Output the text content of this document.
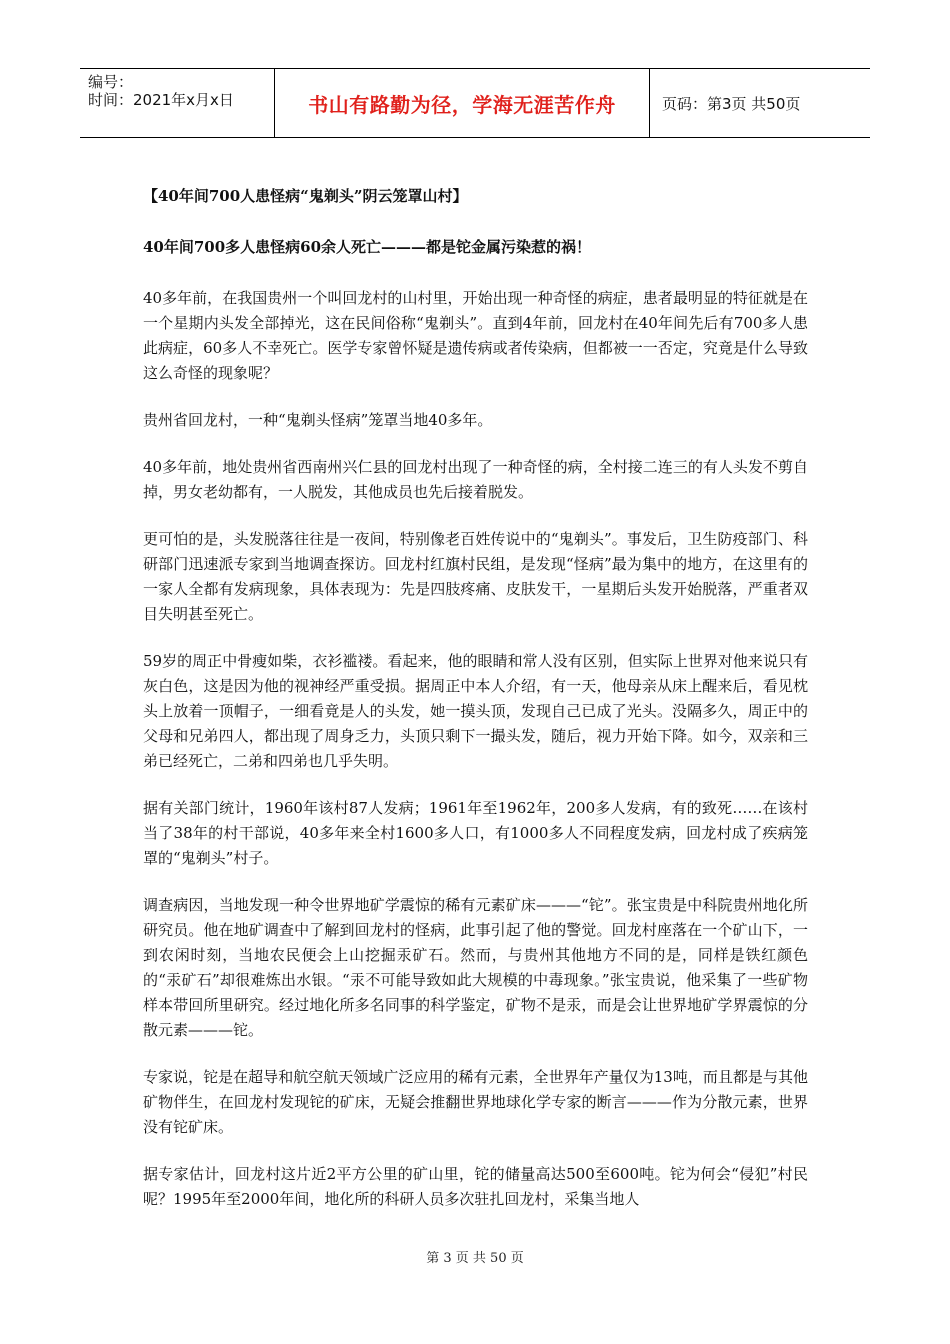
编号：
时间：2021年x月x日	书山有路勤为径，学海无涯苦作舟	页码：第3页 共50页

【40年间700人患怪病“鬼剃头”阴云笼罩山村】

40年间700多人患怪病60余人死亡———都是铊金属污染惹的祸！

40多年前，在我国贵州一个叫回龙村的山村里，开始出现一种奇怪的病症，患者最明显的特征就是在一个星期内头发全部掉光，这在民间俗称“鬼剃头”。直到4年前，回龙村在40年间先后有700多人患此病症，60多人不幸死亡。医学专家曾怀疑是遗传病或者传染病，但都被一一否定，究竟是什么导致这么奇怪的现象呢？

贵州省回龙村，一种“鬼剃头怪病”笼罩当地40多年。

40多年前，地处贵州省西南州兴仁县的回龙村出现了一种奇怪的病，全村接二连三的有人头发不剪自掉，男女老幼都有，一人脱发，其他成员也先后接着脱发。

更可怕的是，头发脱落往往是一夜间，特别像老百姓传说中的“鬼剃头”。事发后，卫生防疫部门、科研部门迅速派专家到当地调查探访。回龙村红旗村民组，是发现“怪病”最为集中的地方，在这里有的一家人全都有发病现象，具体表现为：先是四肢疼痛、皮肤发干，一星期后头发开始脱落，严重者双目失明甚至死亡。

59岁的周正中骨瘦如柴，衣衫褴褛。看起来，他的眼睛和常人没有区别，但实际上世界对他来说只有灰白色，这是因为他的视神经严重受损。据周正中本人介绍，有一天，他母亲从床上醒来后，看见枕头上放着一顶帽子，一细看竟是人的头发，她一摸头顶，发现自己已成了光头。没隔多久，周正中的父母和兄弟四人，都出现了周身乏力，头顶只剩下一撮头发，随后，视力开始下降。如今，双亲和三弟已经死亡，二弟和四弟也几乎失明。

据有关部门统计，1960年该村87人发病；1961年至1962年，200多人发病，有的致死……在该村当了38年的村干部说，40多年来全村1600多人口，有1000多人不同程度发病，回龙村成了疾病笼罩的“鬼剃头”村子。

调查病因，当地发现一种令世界地矿学震惊的稀有元素矿床———“铊”。张宝贵是中科院贵州地化所研究员。他在地矿调查中了解到回龙村的怪病，此事引起了他的警觉。回龙村座落在一个矿山下，一到农闲时刻，当地农民便会上山挖掘汞矿石。然而，与贵州其他地方不同的是，同样是铁红颜色的“汞矿石”却很难炼出水银。“汞不可能导致如此大规模的中毒现象。”张宝贵说，他采集了一些矿物样本带回所里研究。经过地化所多名同事的科学鉴定，矿物不是汞，而是会让世界地矿学界震惊的分散元素———铊。

专家说，铊是在超导和航空航天领域广泛应用的稀有元素，全世界年产量仅为13吨，而且都是与其他矿物伴生，在回龙村发现铊的矿床，无疑会推翻世界地球化学专家的断言———作为分散元素，世界没有铊矿床。

据专家估计，回龙村这片近2平方公里的矿山里，铊的储量高达500至600吨。铊为何会“侵犯”村民呢？1995年至2000年间，地化所的科研人员多次驻扎回龙村，采集当地人

第 3 页 共 50 页
